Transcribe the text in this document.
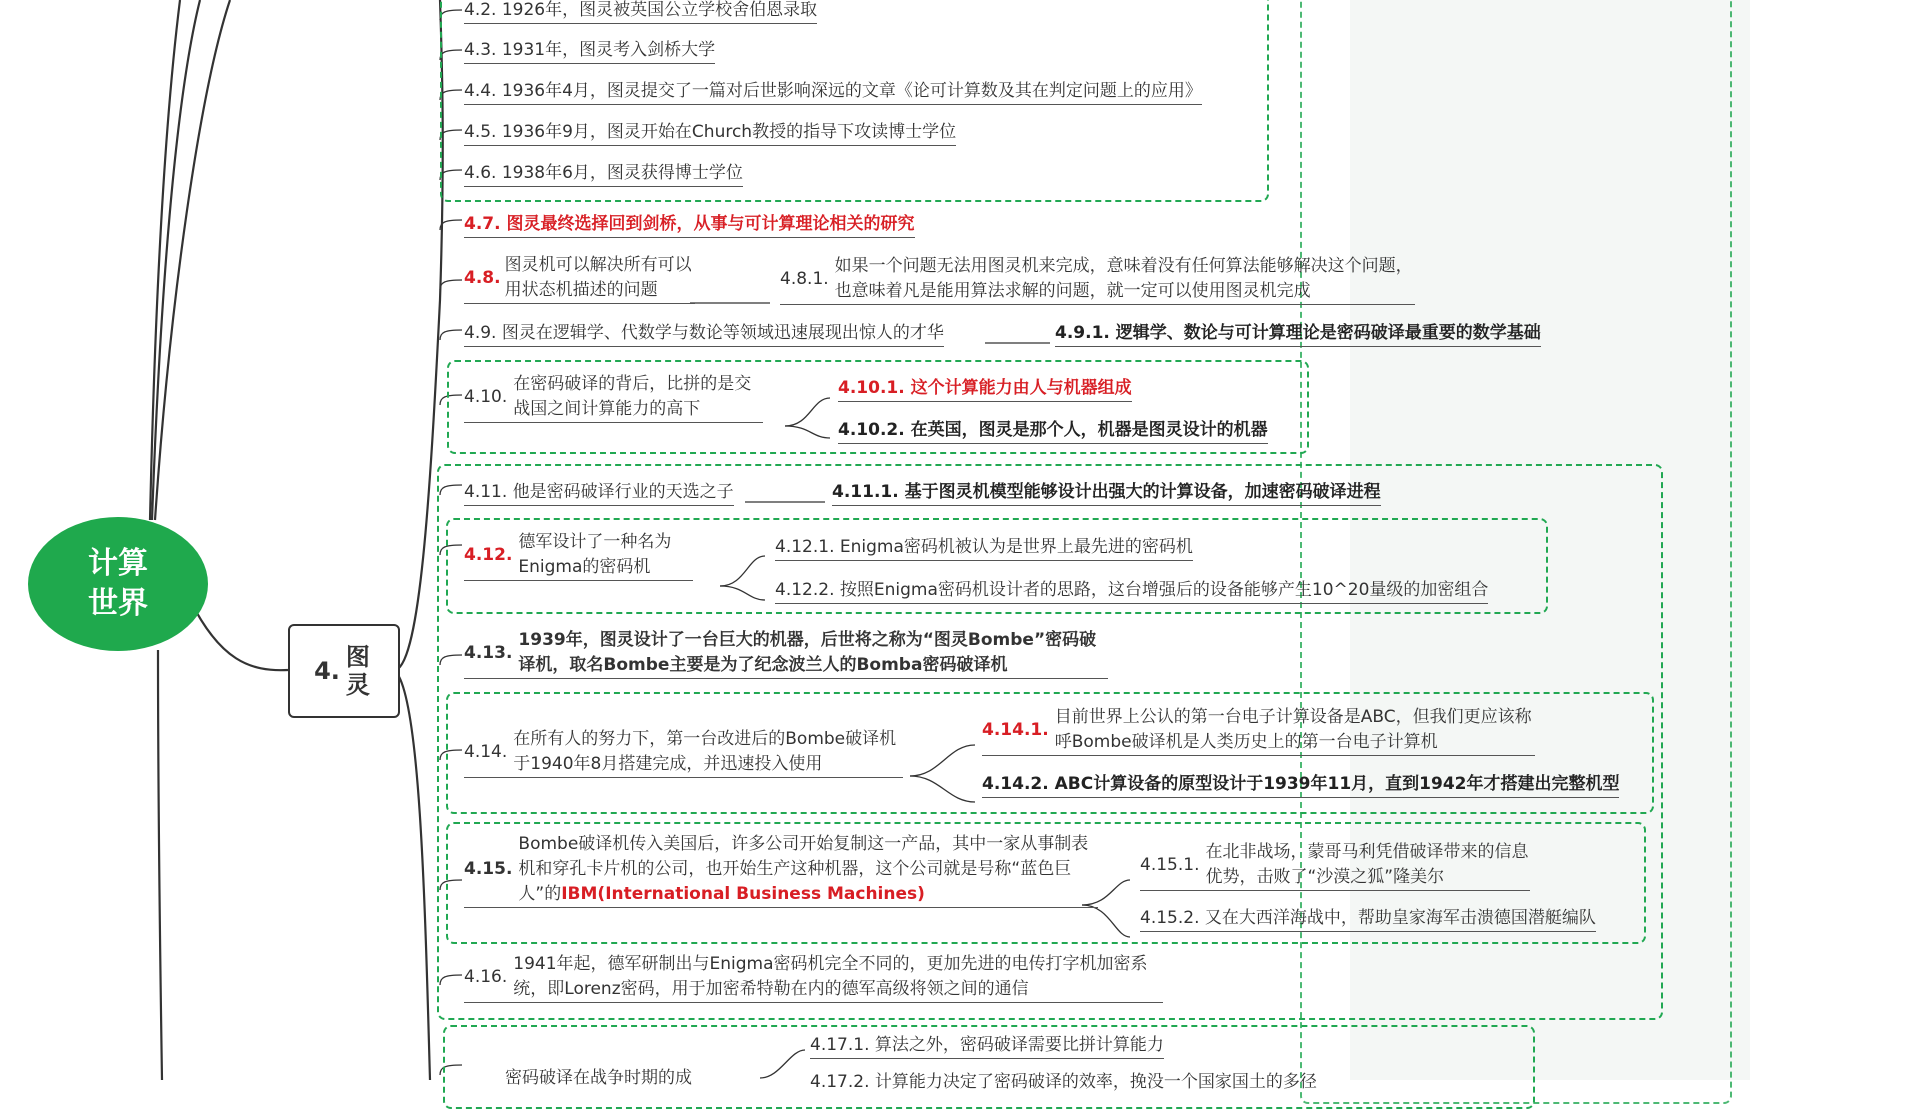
计算世界
4. 图灵
4.2. 1926年，图灵被英国公立学校舍伯恩录取
4.3. 1931年，图灵考入剑桥大学
4.4. 1936年4月，图灵提交了一篇对后世影响深远的文章《论可计算数及其在判定问题上的应用》
4.5. 1936年9月，图灵开始在Church教授的指导下攻读博士学位
4.6. 1938年6月，图灵获得博士学位
4.7. 图灵最终选择回到剑桥，从事与可计算理论相关的研究
4.8.
图灵机可以解决所有可以用状态机描述的问题
4.8.1.
如果一个问题无法用图灵机来完成，意味着没有任何算法能够解决这个问题，也意味着凡是能用算法求解的问题，就一定可以使用图灵机完成
4.9. 图灵在逻辑学、代数学与数论等领域迅速展现出惊人的才华	4.9.1. 逻辑学、数论与可计算理论是密码破译最重要的数学基础
4.10.
在密码破译的背后，比拼的是交战国之间计算能力的高下
4.10.1. 这个计算能力由人与机器组成
4.10.2. 在英国，图灵是那个人，机器是图灵设计的机器
4.11. 他是密码破译行业的天选之子	4.11.1. 基于图灵机模型能够设计出强大的计算设备，加速密码破译进程
4.12.
德军设计了一种名为Enigma的密码机
4.12.1. Enigma密码机被认为是世界上最先进的密码机
4.12.2. 按照Enigma密码机设计者的思路，这台增强后的设备能够产生10^20量级的加密组合
4.13.
1939年，图灵设计了一台巨大的机器，后世将之称为“图灵Bombe”密码破译机，取名Bombe主要是为了纪念波兰人的Bomba密码破译机
4.14.
在所有人的努力下，第一台改进后的Bombe破译机于1940年8月搭建完成，并迅速投入使用
4.14.1.
目前世界上公认的第一台电子计算设备是ABC，但我们更应该称呼Bombe破译机是人类历史上的第一台电子计算机
4.14.2. ABC计算设备的原型设计于1939年11月，直到1942年才搭建出完整机型
4.15.
Bombe破译机传入美国后，许多公司开始复制这一产品，其中一家从事制表机和穿孔卡片机的公司，也开始生产这种机器，这个公司就是号称“蓝色巨人”的IBM(International Business Machines)
4.15.1.
在北非战场，蒙哥马利凭借破译带来的信息优势，击败了“沙漠之狐”隆美尔
4.15.2. 又在大西洋海战中，帮助皇家海军击溃德国潜艇编队
4.16.
1941年起，德军研制出与Enigma密码机完全不同的，更加先进的电传打字机加密系统，即Lorenz密码，用于加密希特勒在内的德军高级将领之间的通信
4.17.1. 算法之外，密码破译需要比拼计算能力
4.17.2. 计算能力决定了密码破译的效率，挽没一个国家国土的多径
密码破译在战争时期的成
